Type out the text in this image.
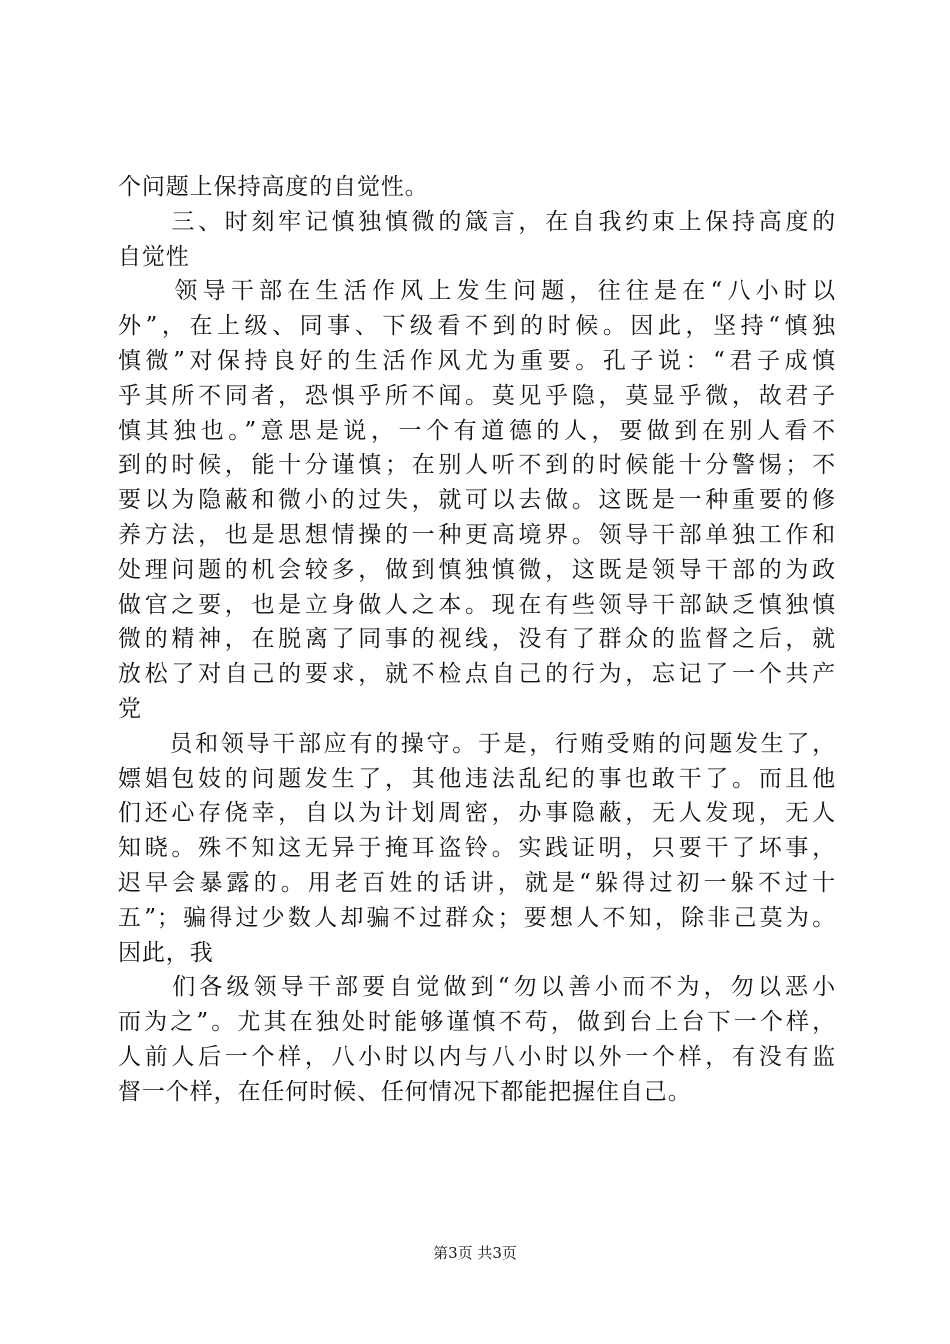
个问题上保持高度的自觉性。
　　三、时刻牢记慎独慎微的箴言，在自我约束上保持高度的
自觉性
　　领导干部在生活作风上发生问题，往往是在“八小时以
外”，在上级、同事、下级看不到的时候。因此，坚持“慎独
慎微”对保持良好的生活作风尤为重要。孔子说：“君子成慎
乎其所不同者，恐惧乎所不闻。莫见乎隐，莫显乎微，故君子
慎其独也。”意思是说，一个有道德的人，要做到在别人看不
到的时候，能十分谨慎；在别人听不到的时候能十分警惕；不
要以为隐蔽和微小的过失，就可以去做。这既是一种重要的修
养方法，也是思想情操的一种更高境界。领导干部单独工作和
处理问题的机会较多，做到慎独慎微，这既是领导干部的为政
做官之要，也是立身做人之本。现在有些领导干部缺乏慎独慎
微的精神，在脱离了同事的视线，没有了群众的监督之后，就
放松了对自己的要求，就不检点自己的行为，忘记了一个共产
党
　　员和领导干部应有的操守。于是，行贿受贿的问题发生了，
嫖娼包妓的问题发生了，其他违法乱纪的事也敢干了。而且他
们还心存侥幸，自以为计划周密，办事隐蔽，无人发现，无人
知晓。殊不知这无异于掩耳盗铃。实践证明，只要干了坏事，
迟早会暴露的。用老百姓的话讲，就是“躲得过初一躲不过十
五”；骗得过少数人却骗不过群众；要想人不知，除非己莫为。
因此，我
　　们各级领导干部要自觉做到“勿以善小而不为，勿以恶小
而为之”。尤其在独处时能够谨慎不苟，做到台上台下一个样，
人前人后一个样，八小时以内与八小时以外一个样，有没有监
督一个样，在任何时候、任何情况下都能把握住自己。
第3页 共3页
